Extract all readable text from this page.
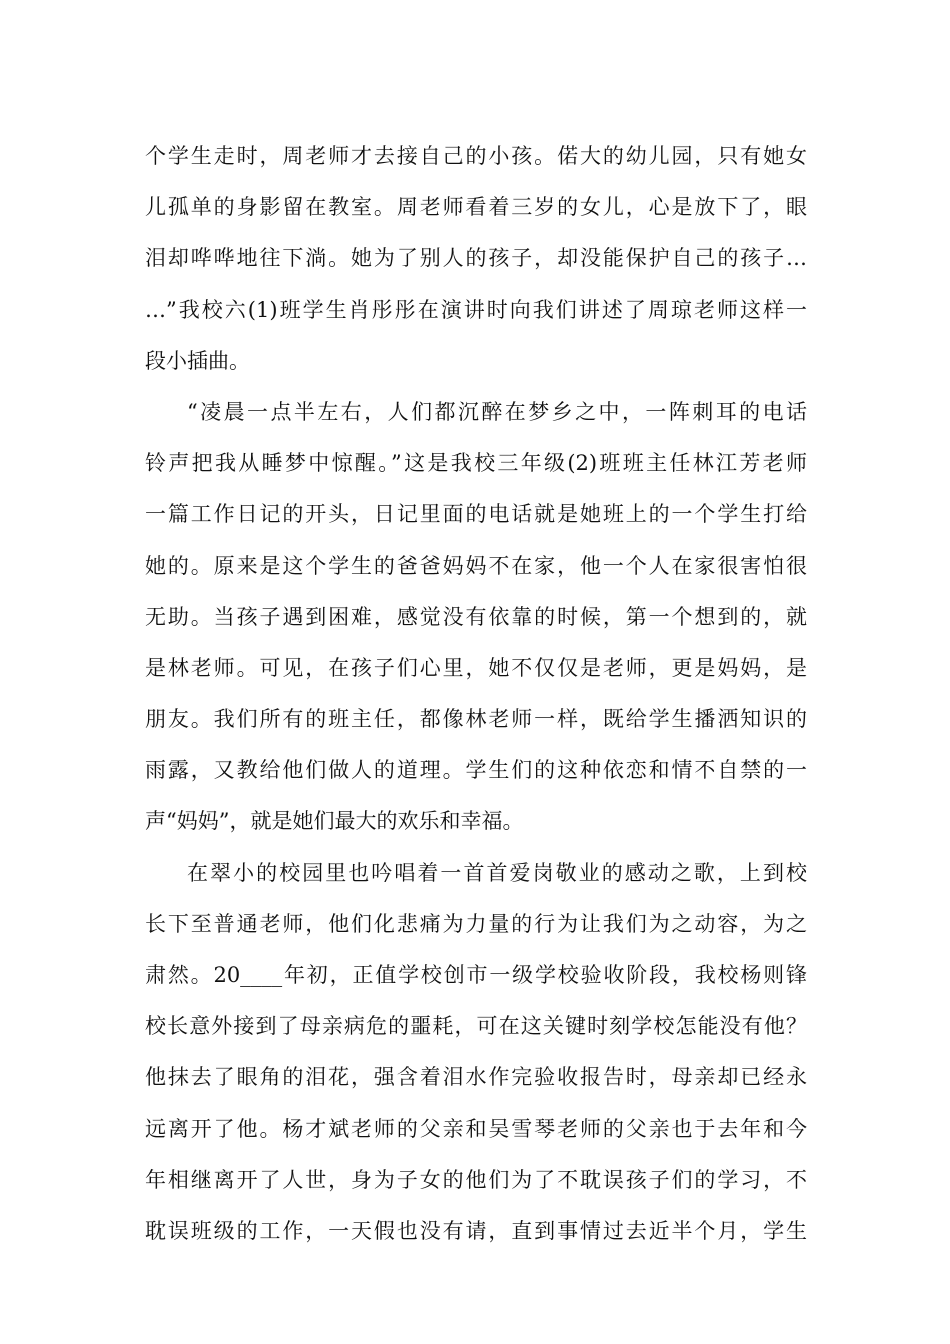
个学生走时，周老师才去接自己的小孩。偌大的幼儿园，只有她女
儿孤单的身影留在教室。周老师看着三岁的女儿，心是放下了，眼
泪却哗哗地往下淌。她为了别人的孩子，却没能保护自己的孩子…
…”我校六(1)班学生肖彤彤在演讲时向我们讲述了周琼老师这样一
段小插曲。
“凌晨一点半左右，人们都沉醉在梦乡之中，一阵刺耳的电话
铃声把我从睡梦中惊醒。”这是我校三年级(2)班班主任林江芳老师
一篇工作日记的开头，日记里面的电话就是她班上的一个学生打给
她的。原来是这个学生的爸爸妈妈不在家，他一个人在家很害怕很
无助。当孩子遇到困难，感觉没有依靠的时候，第一个想到的，就
是林老师。可见，在孩子们心里，她不仅仅是老师，更是妈妈，是
朋友。我们所有的班主任，都像林老师一样，既给学生播洒知识的
雨露，又教给他们做人的道理。学生们的这种依恋和情不自禁的一
声“妈妈”，就是她们最大的欢乐和幸福。
在翠小的校园里也吟唱着一首首爱岗敬业的感动之歌，上到校
长下至普通老师，他们化悲痛为力量的行为让我们为之动容，为之
肃然。20____年初，正值学校创市一级学校验收阶段，我校杨则锋
校长意外接到了母亲病危的噩耗，可在这关键时刻学校怎能没有他？
他抹去了眼角的泪花，强含着泪水作完验收报告时，母亲却已经永
远离开了他。杨才斌老师的父亲和吴雪琴老师的父亲也于去年和今
年相继离开了人世，身为子女的他们为了不耽误孩子们的学习，不
耽误班级的工作，一天假也没有请，直到事情过去近半个月，学生
